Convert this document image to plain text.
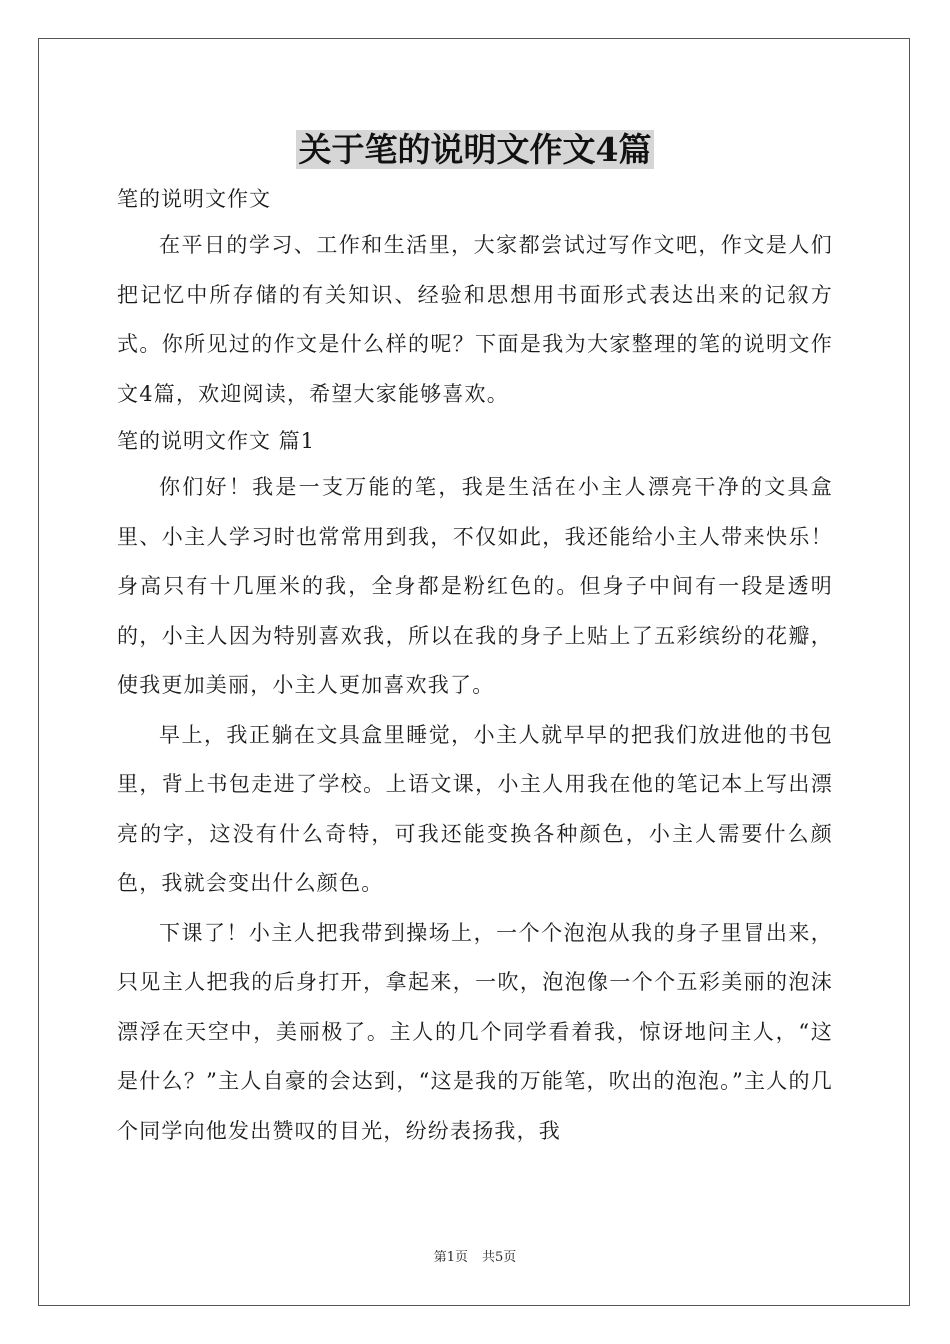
关于笔的说明文作文4篇

笔的说明文作文

在平日的学习、工作和生活里，大家都尝试过写作文吧，作文是人们把记忆中所存储的有关知识、经验和思想用书面形式表达出来的记叙方式。你所见过的作文是什么样的呢？下面是我为大家整理的笔的说明文作文4篇，欢迎阅读，希望大家能够喜欢。

笔的说明文作文 篇1

你们好！我是一支万能的笔，我是生活在小主人漂亮干净的文具盒里、小主人学习时也常常用到我，不仅如此，我还能给小主人带来快乐！身高只有十几厘米的我，全身都是粉红色的。但身子中间有一段是透明的，小主人因为特别喜欢我，所以在我的身子上贴上了五彩缤纷的花瓣，使我更加美丽，小主人更加喜欢我了。

早上，我正躺在文具盒里睡觉，小主人就早早的把我们放进他的书包里，背上书包走进了学校。上语文课，小主人用我在他的笔记本上写出漂亮的字，这没有什么奇特，可我还能变换各种颜色，小主人需要什么颜色，我就会变出什么颜色。

下课了！小主人把我带到操场上，一个个泡泡从我的身子里冒出来，只见主人把我的后身打开，拿起来，一吹，泡泡像一个个五彩美丽的泡沫漂浮在天空中，美丽极了。主人的几个同学看着我，惊讶地问主人，“这是什么？”主人自豪的会达到，“这是我的万能笔，吹出的泡泡。”主人的几个同学向他发出赞叹的目光，纷纷表扬我，我

第1页 共5页
